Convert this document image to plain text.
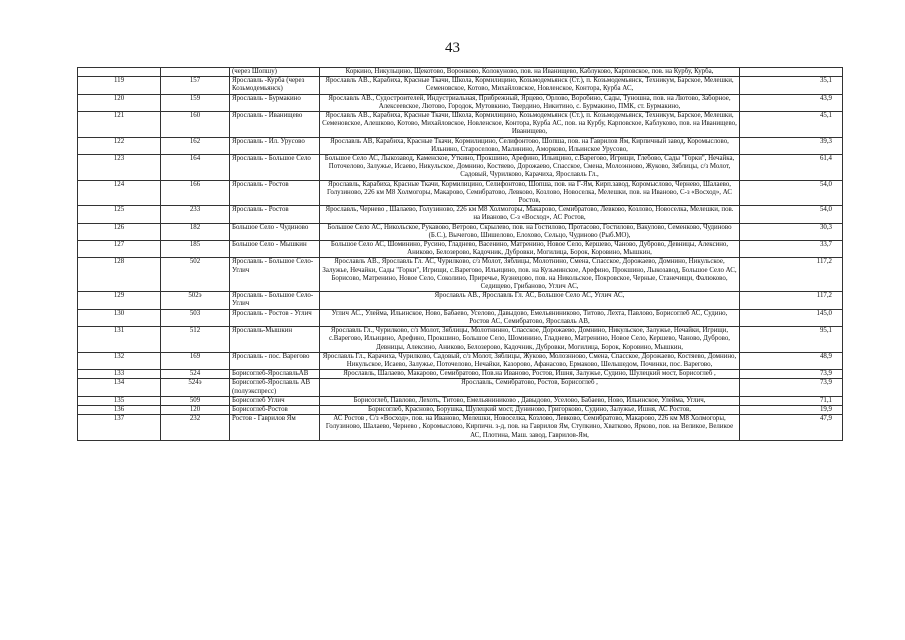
43
		(через Шопшу)	Коркино, Никульцино, Щекотово, Воронково, Колокуново, пов. на Иванищево, Каблуково, Карповское, пов. на Курбу, Курба,	
119	157	Ярославль -Курба (через Козьмодемьянск)	Ярославль АВ., Карабиха, Красные Ткачи, Школа, Кормилицино, Козьмодемьянск (Ст.), п. Козьмодемьянск, Техникум, Барское, Мелешки, Семеновское, Котово, Михайловское, Новленское, Контора, Курба АС,	35,1
120	159	Ярославль - Бурмакино	Ярославль АВ., Судостроителей, Индустриальная, Прибрежный, Ярцево, Орлово, Воробино, Сады, Туношна, пов. на Лютово, Заборное, Алексеевское, Лютово, Городок, Мутовкино, Твердино, Никитино, с. Бурмакино, ПМК, ст. Бурмакино,	43,9
121	160	Ярославль - Иванищево	Ярославль АВ., Карабиха, Красные Ткачи, Школа, Кормилицино, Козьмодемьянск (Ст.), п. Козьмодемьянск, Техникум, Барское, Мелешки, Семеновское, Алешково, Котово, Михайловское, Новленское, Контора, Курба АС, пов. на Курбу, Карповское, Каблуково, пов. на Иванищево, Иванищево,	45,1
122	162	Ярославль - Ил. Урусово	Ярославль АВ, Карабиха, Красные Ткачи, Кормилицино, Селифонтово, Шопша, пов. на Гаврилов Ям, Кирпичный завод, Коромыслово, Ильнино, Староселово, Малинино, Аморково, Ильинское Урусово,	39,3
123	164	Ярославль - Большое Село	Большое Село АС, Лыкозавод, Каменское, Уткино, Прокшино, Арефино, Ильицино, с.Варегово, Игрищи, Глебово, Сады "Горки", Нечайка, Поточелово, Залужье, Исаево, Никульское, Домнино, Костяево, Дорожаево, Спасское, Смена, Молоэнново, Жуково, Зяблицы, с/з Молот, Садовый, Чурилково, Карачиха, Ярославль Гл.,	61,4
124	166	Ярославль - Ростов	Ярославль, Карабиха, Красные Ткачи, Кормилицино, Селифонтово, Шопша, пов. на Г-Ям, Кирп.завод, Коромыслово, Чернево, Шалаево, Голузиново, 226 км М8 Холмогоры, Макарово, Семибратово, Левково, Козлово, Новоселка, Мелешки, пов. на Иваново, С-з «Восход», АС Ростов,	54,0
125	233	Ярославль - Ростов	Ярославль, Чернево , Шалаево, Голузиново, 226 км М8 Холмогоры, Макарово, Семибратово, Левково, Козлово, Новоселка, Мелешки, пов. на Иваново, С-з «Восход», АС Ростов,	54,0
126	182	Большое Село - Чудиново	Большое Село АС, Никольское, Рукавово, Ветрово, Скрылево, пов. на Гостилово, Протасово, Гостилово, Вакулово, Семенково, Чудиново (Б.С.), Вычегово, Шишелово, Елохово, Сельцо, Чудиново (Рыб.МО),	30,3
127	185	Большое Село - Мышкин	Большое Село АС, Шоминино, Русино, Гладнево, Васенино, Матренино, Новое Село, Кершево, Чаново, Дуброво, Девницы, Алексино, Аниково, Белозерово, Кадочник, Дубровки, Могилица, Борок, Коровино, Мышкин,	33,7
128	502	Ярославль - Большое Село- Углич	Ярославль АВ., Ярославль Гл. АС, Чурилково, с/з Молот, Зяблицы, Молотнино, Смена, Спасское, Дорожаево, Домнино, Никульское, Залужье, Нечайки, Сады "Горки", Игрищи, с.Варегово, Ильицино, пов. на Кузьминское, Арефино, Прокшино, Лыкозавод, Большое Село АС, Борисово, Матренино, Новое Село, Соколино, Приречье, Кузнецово, пов. на Никольское, Покровское, Черные, Станечищи, Фалюково, Седищево, Грибаново, Углич АС,	117,2
129	502э	Ярославль - Большое Село-Углич	Ярославль АВ., Ярославль Гл. АС, Большое Село АС, Углич АС,	117,2
130	503	Ярославль - Ростов - Углич	Углич АС., Улейма, Ильинское, Ново, Бабаево, Уселово, Давыдово, Емельяниниково, Титово, Лехта, Павлово, Борисоглеб АС, Судино, Ростов АС, Семибратово, Ярославль АВ,	145,0
131	512	Ярославль-Мышкин	Ярославль Гл., Чурилково, с/з Молот, Зяблицы, Молотнинно, Спасское, Дорожаево, Домнино, Никульское, Залужье, Нечайки, Игрищи, с.Варегово, Ильицино, Арефино, Прокшино, Большое Село, Шоминино, Гладнево, Матренино, Новое Село, Кершево, Чаново, Дуброво, Девницы, Алексино, Аниково, Белозерово, Кадочник, Дубровки, Могилица, Борок, Коровино, Мышкин,	95,1
132	169	Ярославль - пос. Варегово	Ярославль Гл., Карачиха, Чурилково, Садовый, с/з Молот, Зяблицы, Жуково, Молознново, Смена, Спасское, Дорожаево, Костяево, Домнино, Никульское, Исаево, Залужье, Поточелово, Нечайки, Казорово, Афанасово, Ермаково, Шельшедом, Починки, пос. Варегово,	48,9
133	524	Борисоглеб-ЯрославльАВ	Ярославль, Шалаево, Макарово, Семибратово, Пов.на Иваново, Ростов, Ишня, Залужье, Судино, Шулецкий мост, Борисоглеб ,	73,9
134	524э	Борисоглеб-Ярославль АВ (полуэкспресс)	Ярославль, Семибратово, Ростов, Борисоглеб ,	73,9
135	509	Борисоглеб Углич	Борисоглеб, Павлово, Лехоть, Титово, Емельяниниково , Давыдово, Уселово, Бабаево, Ново, Ильинское, Улейма, Углич,	71,1
136	120	Борисоглеб-Ростов	Борисоглеб, Красново, Борушка, Шулецкий мост, Дуниново, Григорково, Судино, Залужье, Ишня, АС Ростов,	19,9
137	232	Ростов - Гаврилов Ям	АС Ростов , С/з «Восход», пов. на Иваново, Мелешки, Новоселка, Козлово, Левково, Семибратово, Макарово, 226 км М8 Холмогоры, Голузиново, Шалаево, Чернево , Коромыслово, Кирпичн. з-д, пов. на Гаврилов Ям, Ступкино, Хватково, Ярково, пов. на Великое, Великое АС, Плотина, Маш. завод, Гаврилов-Ям,	47,9
